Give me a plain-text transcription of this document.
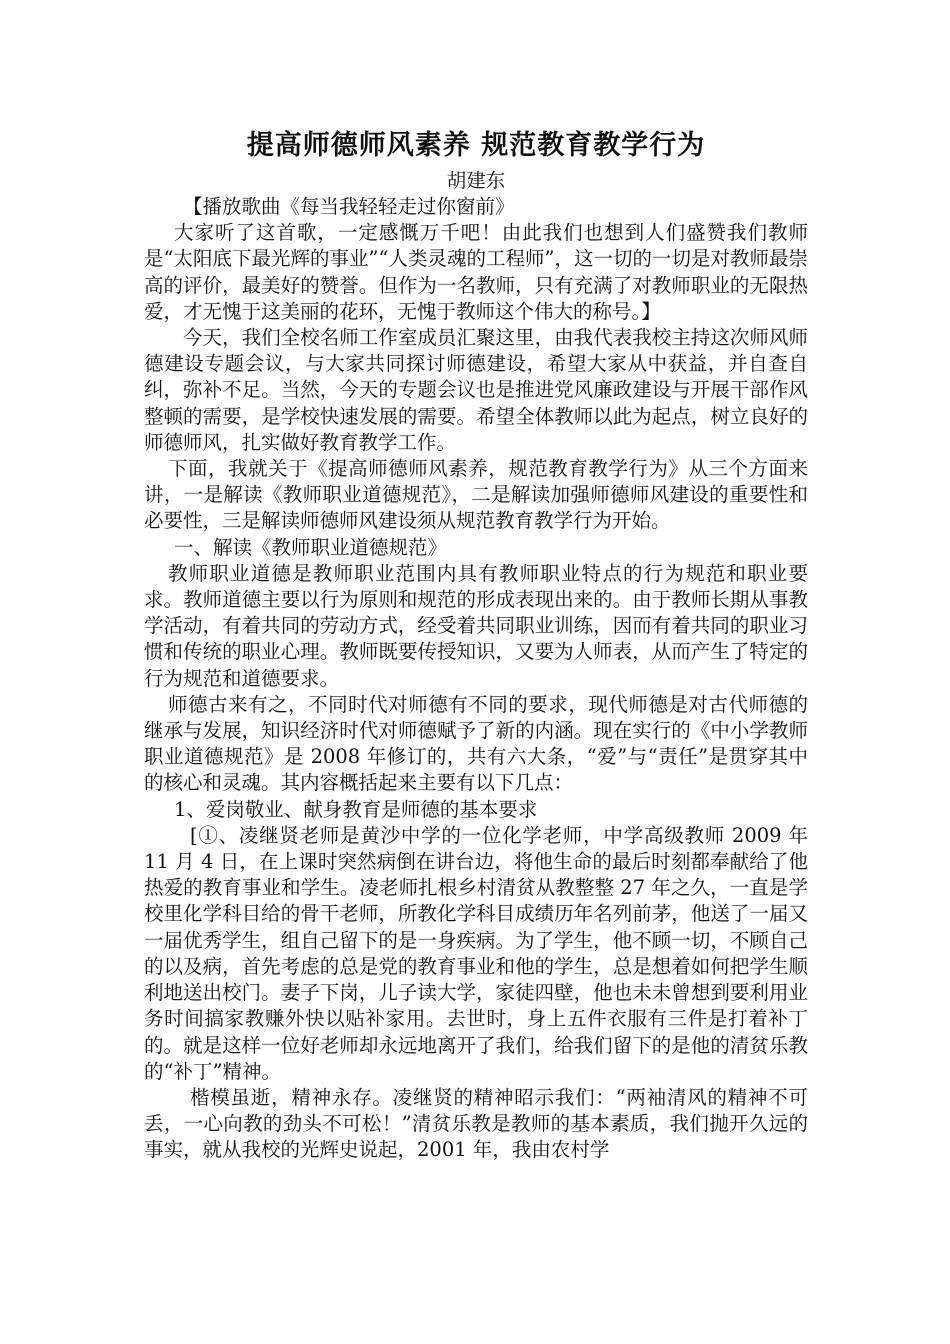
提高师德师风素养 规范教育教学行为
胡建东

【播放歌曲《每当我轻轻走过你窗前》

大家听了这首歌，一定感慨万千吧！由此我们也想到人们盛赞我们教师是“太阳底下最光辉的事业”“人类灵魂的工程师”，这一切的一切是对教师最崇高的评价，最美好的赞誉。但作为一名教师，只有充满了对教师职业的无限热爱，才无愧于这美丽的花环，无愧于教师这个伟大的称号。】

今天，我们全校名师工作室成员汇聚这里，由我代表我校主持这次师风师德建设专题会议，与大家共同探讨师德建设，希望大家从中获益，并自查自纠，弥补不足。当然，今天的专题会议也是推进党风廉政建设与开展干部作风整顿的需要，是学校快速发展的需要。希望全体教师以此为起点，树立良好的师德师风，扎实做好教育教学工作。

下面，我就关于《提高师德师风素养，规范教育教学行为》从三个方面来讲，一是解读《教师职业道德规范》，二是解读加强师德师风建设的重要性和必要性，三是解读师德师风建设须从规范教育教学行为开始。

一、解读《教师职业道德规范》

教师职业道德是教师职业范围内具有教师职业特点的行为规范和职业要求。教师道德主要以行为原则和规范的形成表现出来的。由于教师长期从事教学活动，有着共同的劳动方式，经受着共同职业训练，因而有着共同的职业习惯和传统的职业心理。教师既要传授知识，又要为人师表，从而产生了特定的行为规范和道德要求。

师德古来有之，不同时代对师德有不同的要求，现代师德是对古代师德的继承与发展，知识经济时代对师德赋予了新的内涵。现在实行的《中小学教师职业道德规范》是 2008 年修订的，共有六大条，“爱”与“责任”是贯穿其中的核心和灵魂。其内容概括起来主要有以下几点：

1、爱岗敬业、献身教育是师德的基本要求

[①、凌继贤老师是黄沙中学的一位化学老师，中学高级教师 2009 年 11 月 4 日，在上课时突然病倒在讲台边，将他生命的最后时刻都奉献给了他热爱的教育事业和学生。凌老师扎根乡村清贫从教整整 27 年之久，一直是学校里化学科目给的骨干老师，所教化学科目成绩历年名列前茅，他送了一届又一届优秀学生，组自己留下的是一身疾病。为了学生，他不顾一切，不顾自己的以及病，首先考虑的总是党的教育事业和他的学生，总是想着如何把学生顺利地送出校门。妻子下岗，儿子读大学，家徒四壁，他也未未曾想到要利用业务时间搞家教赚外快以贴补家用。去世时，身上五件衣服有三件是打着补丁的。就是这样一位好老师却永远地离开了我们，给我们留下的是他的清贫乐教的“补丁”精神。

楷模虽逝，精神永存。凌继贤的精神昭示我们：“两袖清风的精神不可丢，一心向教的劲头不可松！”清贫乐教是教师的基本素质，我们抛开久远的事实，就从我校的光辉史说起，2001 年，我由农村学
